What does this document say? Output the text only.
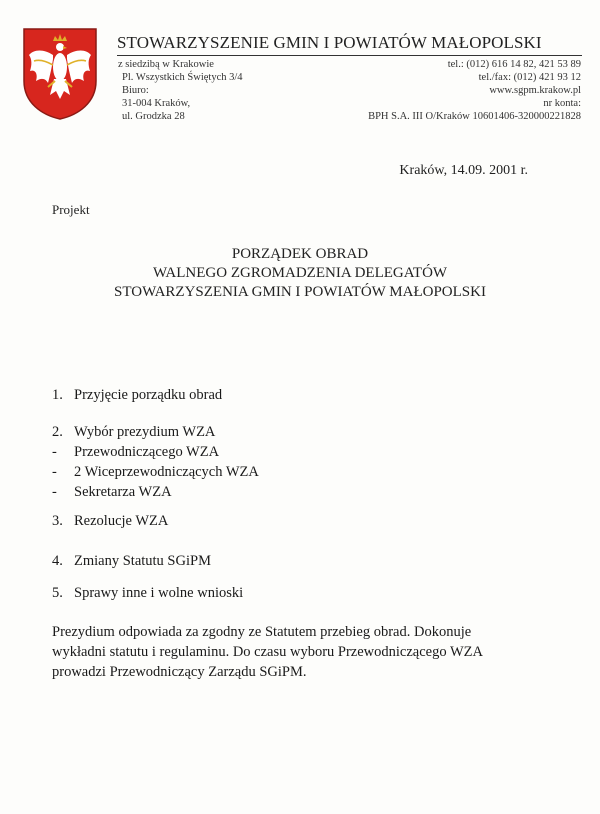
STOWARZYSZENIE GMIN I POWIATÓW MAŁOPOLSKI
z siedzibą w Krakowie
Pl. Wszystkich Świętych 3/4
Biuro:
31-004 Kraków,
ul. Grodzka 28
tel.: (012) 616 14 82, 421 53 89
tel./fax: (012) 421 93 12
www.sgpm.krakow.pl
nr konta:
BPH S.A. III O/Kraków 10601406-320000221828
Kraków, 14.09. 2001 r.
Projekt
PORZĄDEK OBRAD
WALNEGO ZGROMADZENIA DELEGATÓW
STOWARZYSZENIA GMIN I POWIATÓW MAŁOPOLSKI
1. Przyjęcie porządku obrad
2. Wybór prezydium WZA
- Przewodniczącego WZA
- 2 Wiceprzewodniczących WZA
- Sekretarza WZA
3. Rezolucje WZA
4. Zmiany Statutu SGiPM
5. Sprawy inne i wolne wnioski
Prezydium odpowiada za zgodny ze Statutem przebieg obrad. Dokonuje
wykładni statutu i regulaminu. Do czasu wyboru Przewodniczącego WZA
prowadzi Przewodniczący Zarządu SGiPM.
